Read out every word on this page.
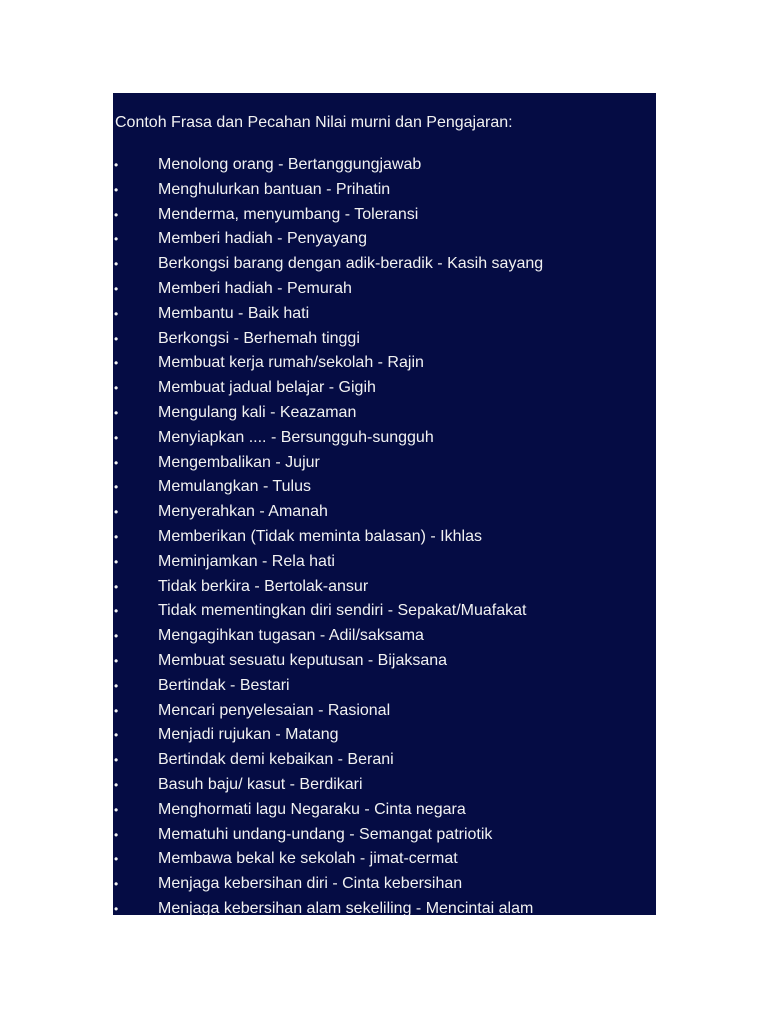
Contoh Frasa dan Pecahan Nilai murni dan Pengajaran:
• Menolong orang - Bertanggungjawab
• Menghulurkan bantuan - Prihatin
• Menderma, menyumbang - Toleransi
• Memberi hadiah - Penyayang
• Berkongsi barang dengan adik-beradik - Kasih sayang
• Memberi hadiah - Pemurah
• Membantu - Baik hati
• Berkongsi - Berhemah tinggi
• Membuat kerja rumah/sekolah - Rajin
• Membuat jadual belajar - Gigih
• Mengulang kali - Keazaman
• Menyiapkan .... - Bersungguh-sungguh
• Mengembalikan - Jujur
• Memulangkan - Tulus
• Menyerahkan - Amanah
• Memberikan (Tidak meminta balasan) - Ikhlas
• Meminjamkan - Rela hati
• Tidak berkira - Bertolak-ansur
• Tidak mementingkan diri sendiri - Sepakat/Muafakat
• Mengagihkan tugasan - Adil/saksama
• Membuat sesuatu keputusan - Bijaksana
• Bertindak - Bestari
• Mencari penyelesaian - Rasional
• Menjadi rujukan - Matang
• Bertindak demi kebaikan - Berani
• Basuh baju/ kasut - Berdikari
• Menghormati lagu Negaraku - Cinta negara
• Mematuhi undang-undang - Semangat patriotik
• Membawa bekal ke sekolah - jimat-cermat
• Menjaga kebersihan diri - Cinta kebersihan
• Menjaga kebersihan alam sekeliling - Mencintai alam
